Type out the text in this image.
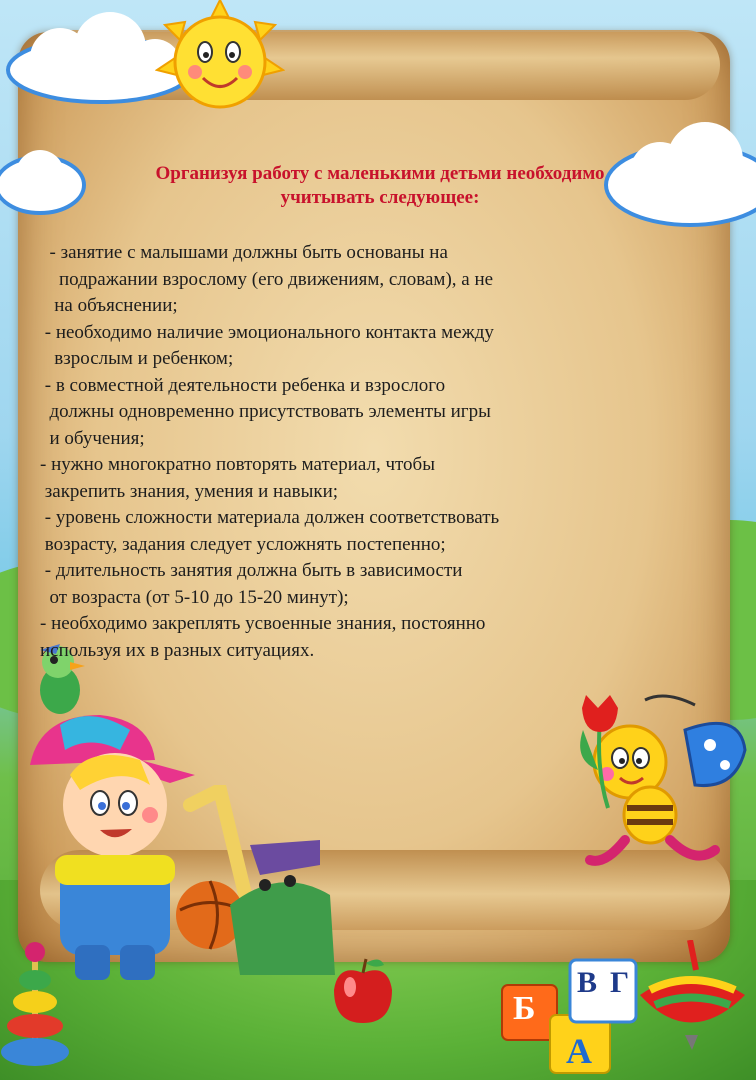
Б
А
В Г
Организуя работу с маленькими детьми необходимо
учитывать следующее:

- занятие с малышами должны быть основаны на

подражании взрослому (его движениям, словам), а не

на объяснении;

- необходимо наличие эмоционального контакта между

взрослым и ребенком;

- в совместной деятельности ребенка и взрослого

должны одновременно присутствовать элементы игры

и обучения;

- нужно многократно повторять материал, чтобы

закрепить знания, умения и навыки;

- уровень сложности материала должен соответствовать

возрасту, задания следует усложнять постепенно;

- длительность занятия должна быть в зависимости

от возраста (от 5-10 до 15-20 минут);

- необходимо закреплять усвоенные знания, постоянно

используя их в разных ситуациях.
